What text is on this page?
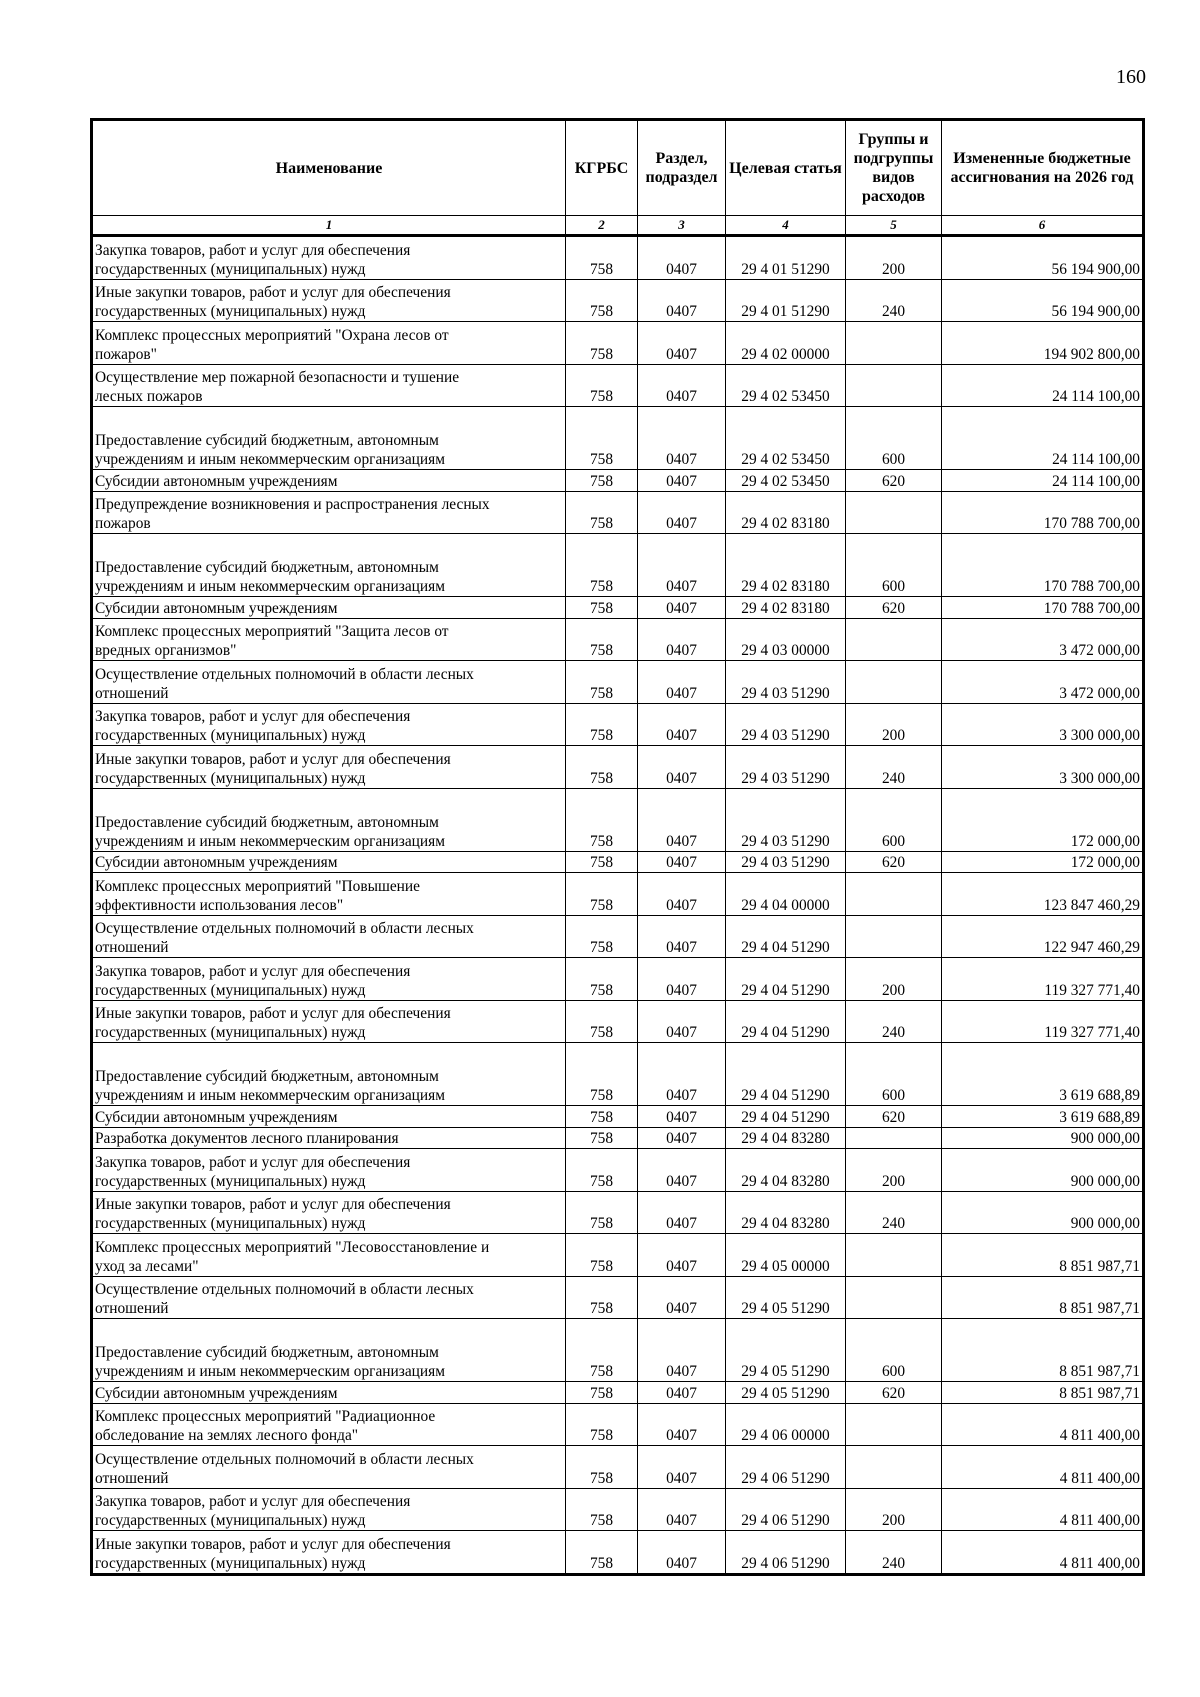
160
Наименование	КГРБС	Раздел, подраздел	Целевая статья	Группы и подгруппы видов расходов	Измененные бюджетные ассигнования на 2026 год
1	2	3	4	5	6
Закупка товаров, работ и услуг для обеспечения
государственных (муниципальных) нужд	758	0407	29 4 01 51290	200	56 194 900,00
Иные закупки товаров, работ и услуг для обеспечения
государственных (муниципальных) нужд	758	0407	29 4 01 51290	240	56 194 900,00
Комплекс процессных мероприятий "Охрана лесов от
пожаров"	758	0407	29 4 02 00000		194 902 800,00
Осуществление мер пожарной безопасности и тушение
лесных пожаров	758	0407	29 4 02 53450		24 114 100,00
Предоставление субсидий бюджетным, автономным
учреждениям и иным некоммерческим организациям	758	0407	29 4 02 53450	600	24 114 100,00
Субсидии автономным учреждениям	758	0407	29 4 02 53450	620	24 114 100,00
Предупреждение возникновения и распространения лесных
пожаров	758	0407	29 4 02 83180		170 788 700,00
Предоставление субсидий бюджетным, автономным
учреждениям и иным некоммерческим организациям	758	0407	29 4 02 83180	600	170 788 700,00
Субсидии автономным учреждениям	758	0407	29 4 02 83180	620	170 788 700,00
Комплекс процессных мероприятий "Защита лесов от
вредных организмов"	758	0407	29 4 03 00000		3 472 000,00
Осуществление отдельных полномочий в области лесных
отношений	758	0407	29 4 03 51290		3 472 000,00
Закупка товаров, работ и услуг для обеспечения
государственных (муниципальных) нужд	758	0407	29 4 03 51290	200	3 300 000,00
Иные закупки товаров, работ и услуг для обеспечения
государственных (муниципальных) нужд	758	0407	29 4 03 51290	240	3 300 000,00
Предоставление субсидий бюджетным, автономным
учреждениям и иным некоммерческим организациям	758	0407	29 4 03 51290	600	172 000,00
Субсидии автономным учреждениям	758	0407	29 4 03 51290	620	172 000,00
Комплекс процессных мероприятий "Повышение
эффективности использования лесов"	758	0407	29 4 04 00000		123 847 460,29
Осуществление отдельных полномочий в области лесных
отношений	758	0407	29 4 04 51290		122 947 460,29
Закупка товаров, работ и услуг для обеспечения
государственных (муниципальных) нужд	758	0407	29 4 04 51290	200	119 327 771,40
Иные закупки товаров, работ и услуг для обеспечения
государственных (муниципальных) нужд	758	0407	29 4 04 51290	240	119 327 771,40
Предоставление субсидий бюджетным, автономным
учреждениям и иным некоммерческим организациям	758	0407	29 4 04 51290	600	3 619 688,89
Субсидии автономным учреждениям	758	0407	29 4 04 51290	620	3 619 688,89
Разработка документов лесного планирования	758	0407	29 4 04 83280		900 000,00
Закупка товаров, работ и услуг для обеспечения
государственных (муниципальных) нужд	758	0407	29 4 04 83280	200	900 000,00
Иные закупки товаров, работ и услуг для обеспечения
государственных (муниципальных) нужд	758	0407	29 4 04 83280	240	900 000,00
Комплекс процессных мероприятий "Лесовосстановление и
уход за лесами"	758	0407	29 4 05 00000		8 851 987,71
Осуществление отдельных полномочий в области лесных
отношений	758	0407	29 4 05 51290		8 851 987,71
Предоставление субсидий бюджетным, автономным
учреждениям и иным некоммерческим организациям	758	0407	29 4 05 51290	600	8 851 987,71
Субсидии автономным учреждениям	758	0407	29 4 05 51290	620	8 851 987,71
Комплекс процессных мероприятий "Радиационное
обследование на землях лесного фонда"	758	0407	29 4 06 00000		4 811 400,00
Осуществление отдельных полномочий в области лесных
отношений	758	0407	29 4 06 51290		4 811 400,00
Закупка товаров, работ и услуг для обеспечения
государственных (муниципальных) нужд	758	0407	29 4 06 51290	200	4 811 400,00
Иные закупки товаров, работ и услуг для обеспечения
государственных (муниципальных) нужд	758	0407	29 4 06 51290	240	4 811 400,00
